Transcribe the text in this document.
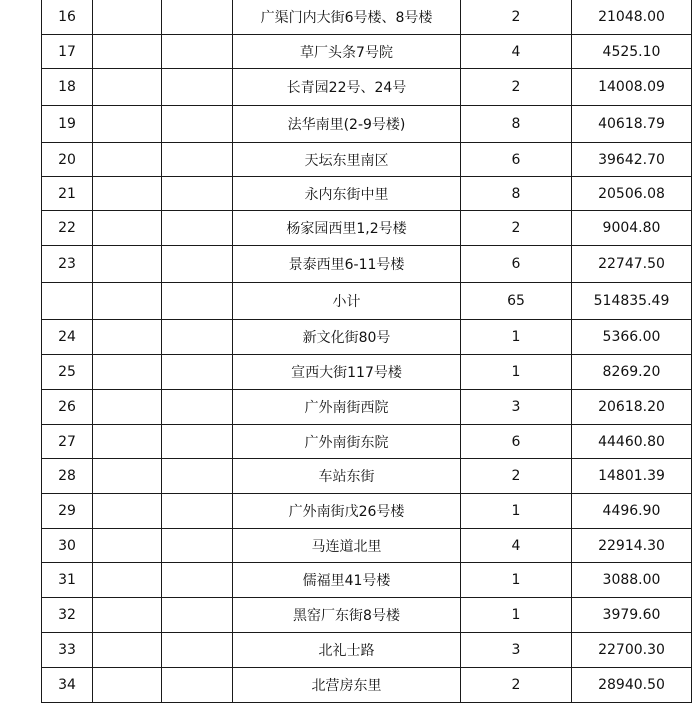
16			广渠门内大街6号楼、8号楼	2	21048.00
17			草厂头条7号院	4	4525.10
18			长青园22号、24号	2	14008.09
19			法华南里(2-9号楼)	8	40618.79
20			天坛东里南区	6	39642.70
21			永内东街中里	8	20506.08
22			杨家园西里1,2号楼	2	9004.80
23			景泰西里6-11号楼	6	22747.50
			小计	65	514835.49
24			新文化街80号	1	5366.00
25			宣西大街117号楼	1	8269.20
26			广外南街西院	3	20618.20
27			广外南街东院	6	44460.80
28			车站东街	2	14801.39
29			广外南街戊26号楼	1	4496.90
30			马连道北里	4	22914.30
31			儒福里41号楼	1	3088.00
32			黑窑厂东街8号楼	1	3979.60
33			北礼士路	3	22700.30
34			北营房东里	2	28940.50
